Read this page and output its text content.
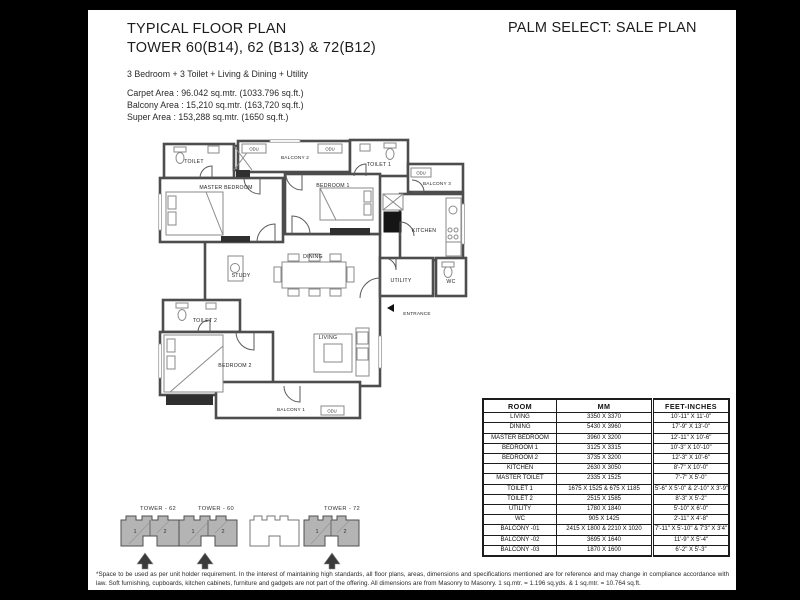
TYPICAL FLOOR PLAN
TOWER 60(B14), 62 (B13) & 72(B12)
PALM SELECT: SALE PLAN
3 Bedroom + 3 Toilet + Living & Dining + Utility
Carpet Area : 96.042 sq.mtr. (1033.796 sq.ft.)
Balcony Area : 15,210 sq.mtr. (163,720 sq.ft.)
Super Area : 153,288 sq.mtr. (1650 sq.ft.)
TOILET
BALCONY 2
TOILET 1
BALCONY 3
MASTER BEDROOM	BEDROOM 1
KITCHEN
STUDY
DINING
UTILITY	WC
TOILET 2
BEDROOM 2
LIVING
BALCONY 1
ENTRANCE
ODU	ODU
ODU
ODU
ROOM	MM	FEET-INCHES
LIVING	3350 X 3370	10'-11" X 11'-0"
DINING	5430 X 3960	17'-9" X 13'-0"
MASTER BEDROOM	3960 X 3200	12'-11" X 10'-6"
BEDROOM 1	3125 X 3315	10'-3" X 10'-10"
BEDROOM 2	3735 X 3200	12'-3" X 10'-6"
KITCHEN	2630 X 3050	8'-7" X 10'-0"
MASTER TOILET	2335 X 1525	7'-7" X 5'-0"
TOILET 1	1675 X 1525 & 675 X 1185	5'-6" X 5'-0" & 2'-10" X 3'-9"
TOILET 2	2515 X 1585	8'-3" X 5'-2"
UTILITY	1780 X 1840	5'-10" X 6'-0"
WC	905 X 1425	2'-11" X 4'-8"
BALCONY -01	2415 X 1800 & 2210 X 1020	7'-11" X 5'-10" & 7'3" X 3'4"
BALCONY -02	3695 X 1640	11'-9" X 5'-4"
BALCONY -03	1870 X 1600	6'-2" X 5'-3"
TOWER - 62	TOWER - 60	TOWER - 72
1	2	1	2	1	2
*Space to be used as per unit holder requirement. In the interest of maintaining high standards, all floor plans, areas, dimensions and specifications mentioned are for reference and may change in compliance accordance with law. Soft furnishing, cupboards, kitchen cabinets, furniture and gadgets are not part of the offering. All dimensions are from Masonry to Masonry. 1 sq.mtr. = 1.196 sq.yds. & 1 sq.mtr. = 10.764 sq.ft.
